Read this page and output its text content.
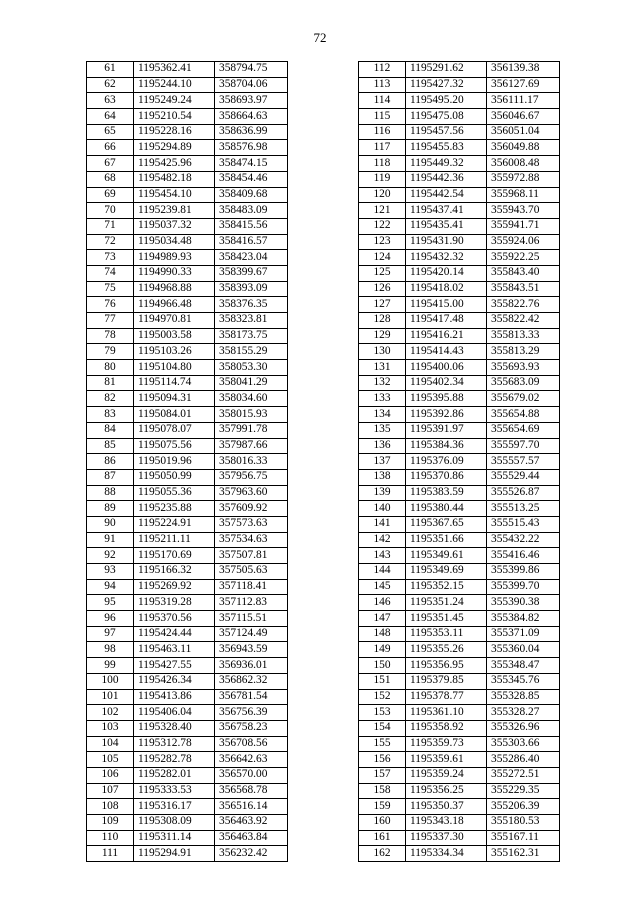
72
61	1195362.41	358794.75
62	1195244.10	358704.06
63	1195249.24	358693.97
64	1195210.54	358664.63
65	1195228.16	358636.99
66	1195294.89	358576.98
67	1195425.96	358474.15
68	1195482.18	358454.46
69	1195454.10	358409.68
70	1195239.81	358483.09
71	1195037.32	358415.56
72	1195034.48	358416.57
73	1194989.93	358423.04
74	1194990.33	358399.67
75	1194968.88	358393.09
76	1194966.48	358376.35
77	1194970.81	358323.81
78	1195003.58	358173.75
79	1195103.26	358155.29
80	1195104.80	358053.30
81	1195114.74	358041.29
82	1195094.31	358034.60
83	1195084.01	358015.93
84	1195078.07	357991.78
85	1195075.56	357987.66
86	1195019.96	358016.33
87	1195050.99	357956.75
88	1195055.36	357963.60
89	1195235.88	357609.92
90	1195224.91	357573.63
91	1195211.11	357534.63
92	1195170.69	357507.81
93	1195166.32	357505.63
94	1195269.92	357118.41
95	1195319.28	357112.83
96	1195370.56	357115.51
97	1195424.44	357124.49
98	1195463.11	356943.59
99	1195427.55	356936.01
100	1195426.34	356862.32
101	1195413.86	356781.54
102	1195406.04	356756.39
103	1195328.40	356758.23
104	1195312.78	356708.56
105	1195282.78	356642.63
106	1195282.01	356570.00
107	1195333.53	356568.78
108	1195316.17	356516.14
109	1195308.09	356463.92
110	1195311.14	356463.84
111	1195294.91	356232.42
112	1195291.62	356139.38
113	1195427.32	356127.69
114	1195495.20	356111.17
115	1195475.08	356046.67
116	1195457.56	356051.04
117	1195455.83	356049.88
118	1195449.32	356008.48
119	1195442.36	355972.88
120	1195442.54	355968.11
121	1195437.41	355943.70
122	1195435.41	355941.71
123	1195431.90	355924.06
124	1195432.32	355922.25
125	1195420.14	355843.40
126	1195418.02	355843.51
127	1195415.00	355822.76
128	1195417.48	355822.42
129	1195416.21	355813.33
130	1195414.43	355813.29
131	1195400.06	355693.93
132	1195402.34	355683.09
133	1195395.88	355679.02
134	1195392.86	355654.88
135	1195391.97	355654.69
136	1195384.36	355597.70
137	1195376.09	355557.57
138	1195370.86	355529.44
139	1195383.59	355526.87
140	1195380.44	355513.25
141	1195367.65	355515.43
142	1195351.66	355432.22
143	1195349.61	355416.46
144	1195349.69	355399.86
145	1195352.15	355399.70
146	1195351.24	355390.38
147	1195351.45	355384.82
148	1195353.11	355371.09
149	1195355.26	355360.04
150	1195356.95	355348.47
151	1195379.85	355345.76
152	1195378.77	355328.85
153	1195361.10	355328.27
154	1195358.92	355326.96
155	1195359.73	355303.66
156	1195359.61	355286.40
157	1195359.24	355272.51
158	1195356.25	355229.35
159	1195350.37	355206.39
160	1195343.18	355180.53
161	1195337.30	355167.11
162	1195334.34	355162.31
